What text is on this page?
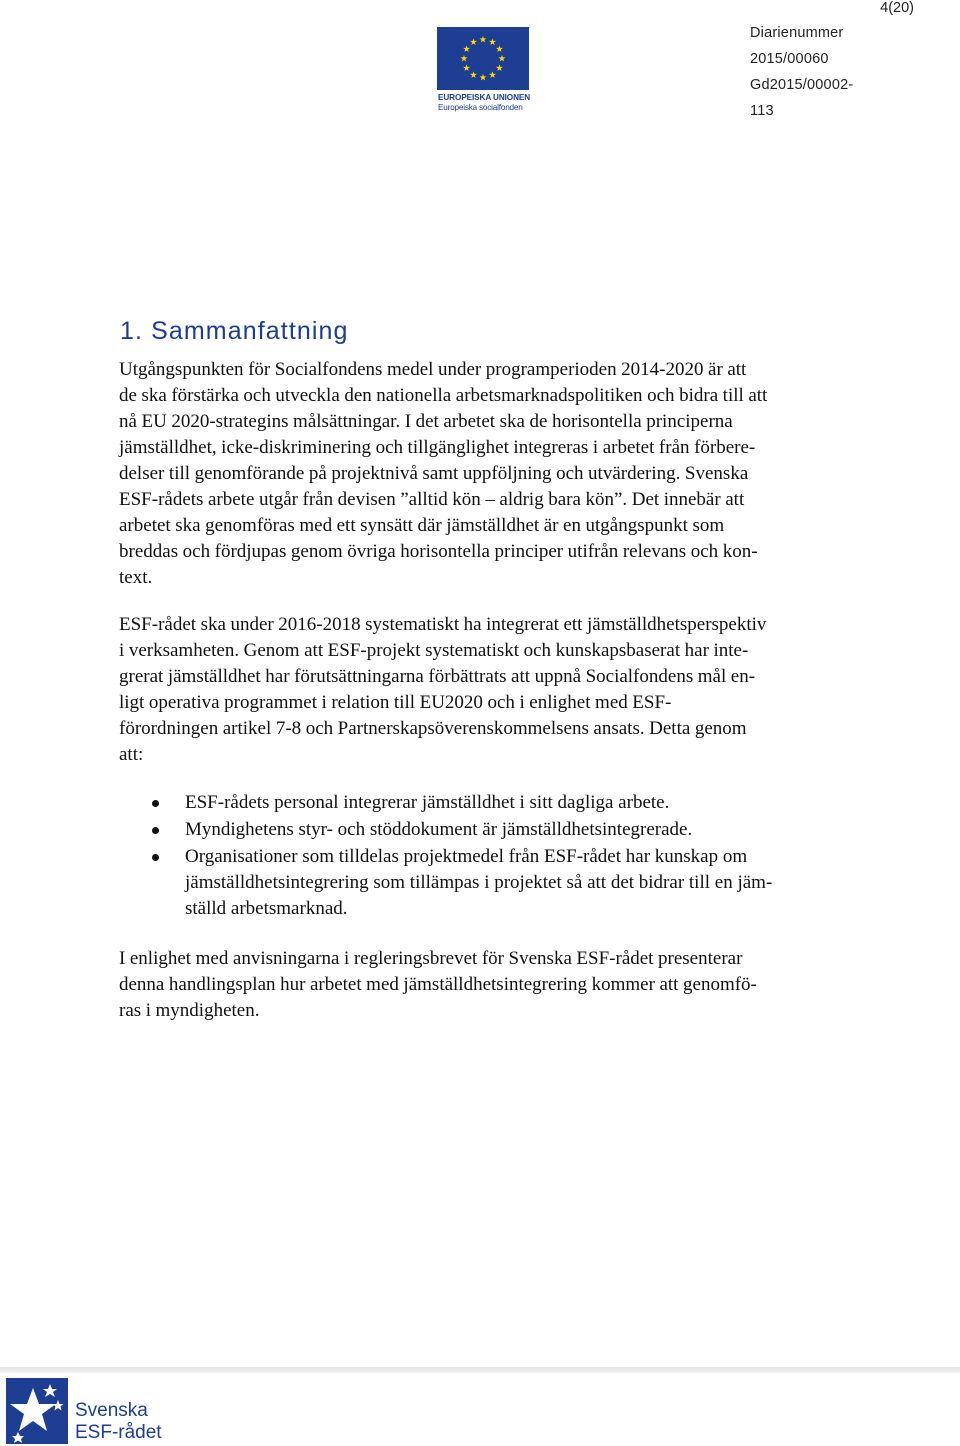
4(20)
EUROPEISKA UNIONEN
Europeiska socialfonden
Diarienummer
2015/00060
Gd2015/00002-
113
1. Sammanfattning

Utgångspunkten för Socialfondens medel under programperioden 2014-2020 är att
de ska förstärka och utveckla den nationella arbetsmarknadspolitiken och bidra till att
nå EU 2020-strategins målsättningar. I det arbetet ska de horisontella principerna
jämställdhet, icke-diskriminering och tillgänglighet integreras i arbetet från förbere-
delser till genomförande på projektnivå samt uppföljning och utvärdering. Svenska
ESF-rådets arbete utgår från devisen ”alltid kön – aldrig bara kön”. Det innebär att
arbetet ska genomföras med ett synsätt där jämställdhet är en utgångspunkt som
breddas och fördjupas genom övriga horisontella principer utifrån relevans och kon-
text.

ESF-rådet ska under 2016-2018 systematiskt ha integrerat ett jämställdhetsperspektiv
i verksamheten. Genom att ESF-projekt systematiskt och kunskapsbaserat har inte-
grerat jämställdhet har förutsättningarna förbättrats att uppnå Socialfondens mål en-
ligt operativa programmet i relation till EU2020 och i enlighet med ESF-
förordningen artikel 7-8 och Partnerskapsöverenskommelsens ansats. Detta genom
att:

ESF-rådets personal integrerar jämställdhet i sitt dagliga arbete.
Myndighetens styr- och stöddokument är jämställdhetsintegrerade.
Organisationer som tilldelas projektmedel från ESF-rådet har kunskap om
jämställdhetsintegrering som tillämpas i projektet så att det bidrar till en jäm-
ställd arbetsmarknad.

I enlighet med anvisningarna i regleringsbrevet för Svenska ESF-rådet presenterar
denna handlingsplan hur arbetet med jämställdhetsintegrering kommer att genomfö-
ras i myndigheten.

Svenska
ESF-rådet
